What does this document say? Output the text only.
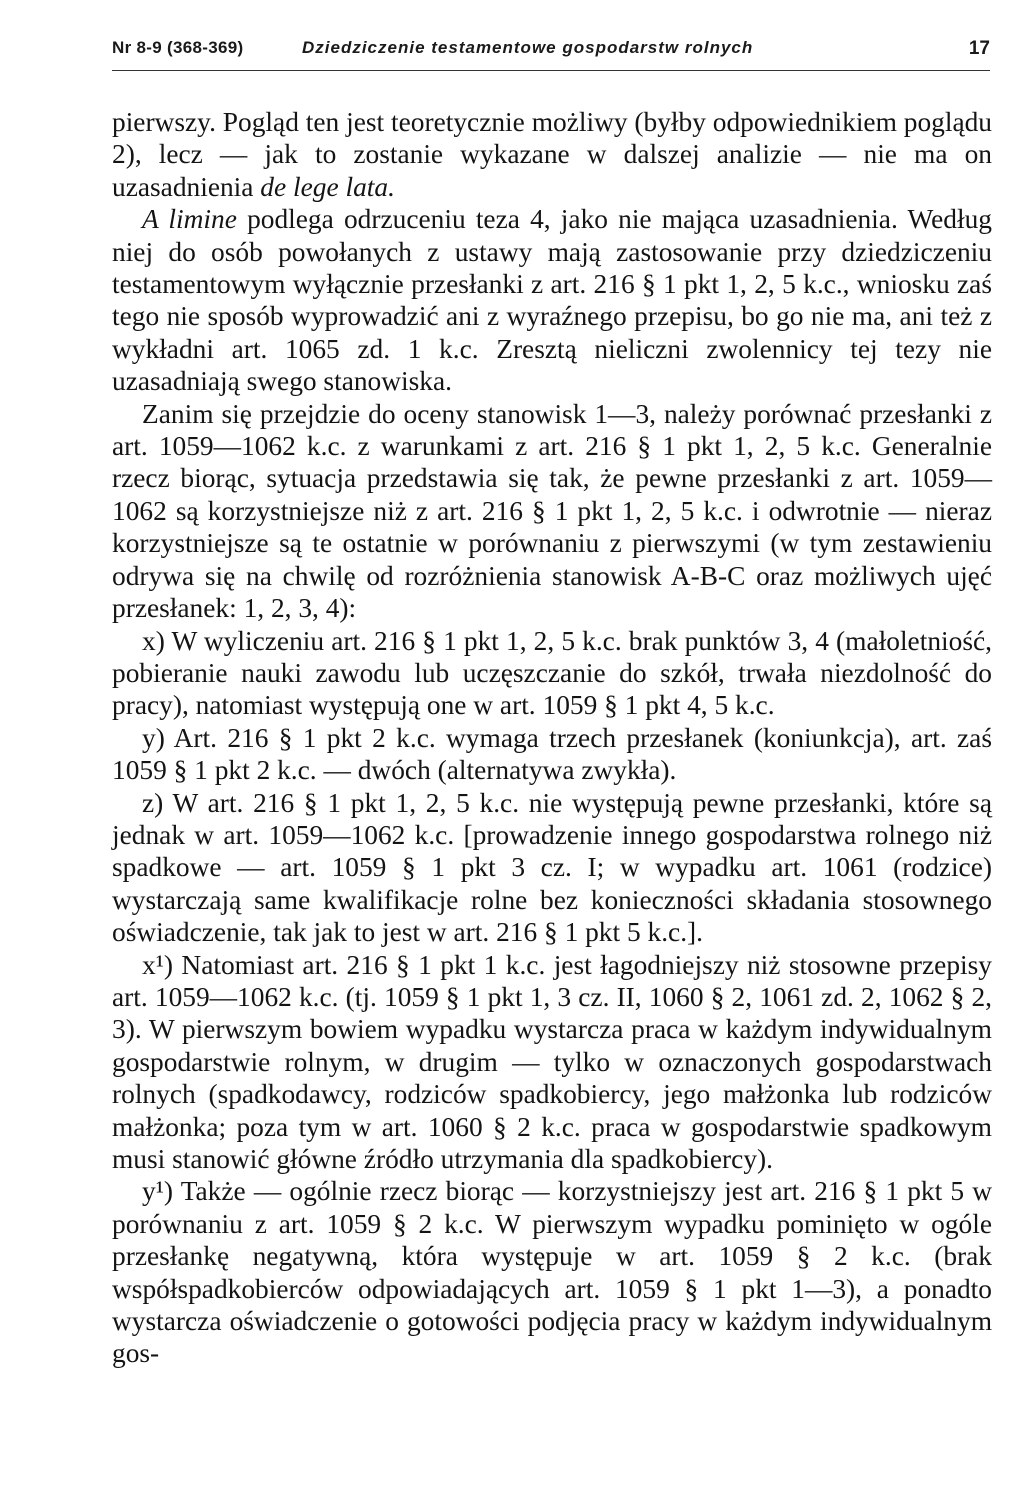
Nr 8-9 (368-369)	Dziedziczenie testamentowe gospodarstw rolnych	17

pierwszy. Pogląd ten jest teoretycznie możliwy (byłby odpowiednikiem poglądu 2), lecz — jak to zostanie wykazane w dalszej analizie — nie ma on uzasadnienia de lege lata.

A limine podlega odrzuceniu teza 4, jako nie mająca uzasadnienia. Według niej do osób powołanych z ustawy mają zastosowanie przy dziedziczeniu testamentowym wyłącznie przesłanki z art. 216 § 1 pkt 1, 2, 5 k.c., wniosku zaś tego nie sposób wyprowadzić ani z wyraźnego przepisu, bo go nie ma, ani też z wykładni art. 1065 zd. 1 k.c. Zresztą nieliczni zwolennicy tej tezy nie uzasadniają swego stanowiska.

Zanim się przejdzie do oceny stanowisk 1—3, należy porównać przesłanki z art. 1059—1062 k.c. z warunkami z art. 216 § 1 pkt 1, 2, 5 k.c. Generalnie rzecz biorąc, sytuacja przedstawia się tak, że pewne przesłanki z art. 1059—1062 są korzystniejsze niż z art. 216 § 1 pkt 1, 2, 5 k.c. i odwrotnie — nieraz korzystniejsze są te ostatnie w porównaniu z pierwszymi (w tym zestawieniu odrywa się na chwilę od rozróżnienia stanowisk A-B-C oraz możliwych ujęć przesłanek: 1, 2, 3, 4):

x) W wyliczeniu art. 216 § 1 pkt 1, 2, 5 k.c. brak punktów 3, 4 (małoletniość, pobieranie nauki zawodu lub uczęszczanie do szkół, trwała niezdolność do pracy), natomiast występują one w art. 1059 § 1 pkt 4, 5 k.c.

y) Art. 216 § 1 pkt 2 k.c. wymaga trzech przesłanek (koniunkcja), art. zaś 1059 § 1 pkt 2 k.c. — dwóch (alternatywa zwykła).

z) W art. 216 § 1 pkt 1, 2, 5 k.c. nie występują pewne przesłanki, które są jednak w art. 1059—1062 k.c. [prowadzenie innego gospodarstwa rolnego niż spadkowe — art. 1059 § 1 pkt 3 cz. I; w wypadku art. 1061 (rodzice) wystarczają same kwalifikacje rolne bez konieczności składania stosownego oświadczenie, tak jak to jest w art. 216 § 1 pkt 5 k.c.].

x¹) Natomiast art. 216 § 1 pkt 1 k.c. jest łagodniejszy niż stosowne przepisy art. 1059—1062 k.c. (tj. 1059 § 1 pkt 1, 3 cz. II, 1060 § 2, 1061 zd. 2, 1062 § 2, 3). W pierwszym bowiem wypadku wystarcza praca w każdym indywidualnym gospodarstwie rolnym, w drugim — tylko w oznaczonych gospodarstwach rolnych (spadkodawcy, rodziców spadkobiercy, jego małżonka lub rodziców małżonka; poza tym w art. 1060 § 2 k.c. praca w gospodarstwie spadkowym musi stanowić główne źródło utrzymania dla spadkobiercy).

y¹) Także — ogólnie rzecz biorąc — korzystniejszy jest art. 216 § 1 pkt 5 w porównaniu z art. 1059 § 2 k.c. W pierwszym wypadku pominięto w ogóle przesłankę negatywną, która występuje w art. 1059 § 2 k.c. (brak współspadkobierców odpowiadających art. 1059 § 1 pkt 1—3), a ponadto wystarcza oświadczenie o gotowości podjęcia pracy w każdym indywidualnym gos-
